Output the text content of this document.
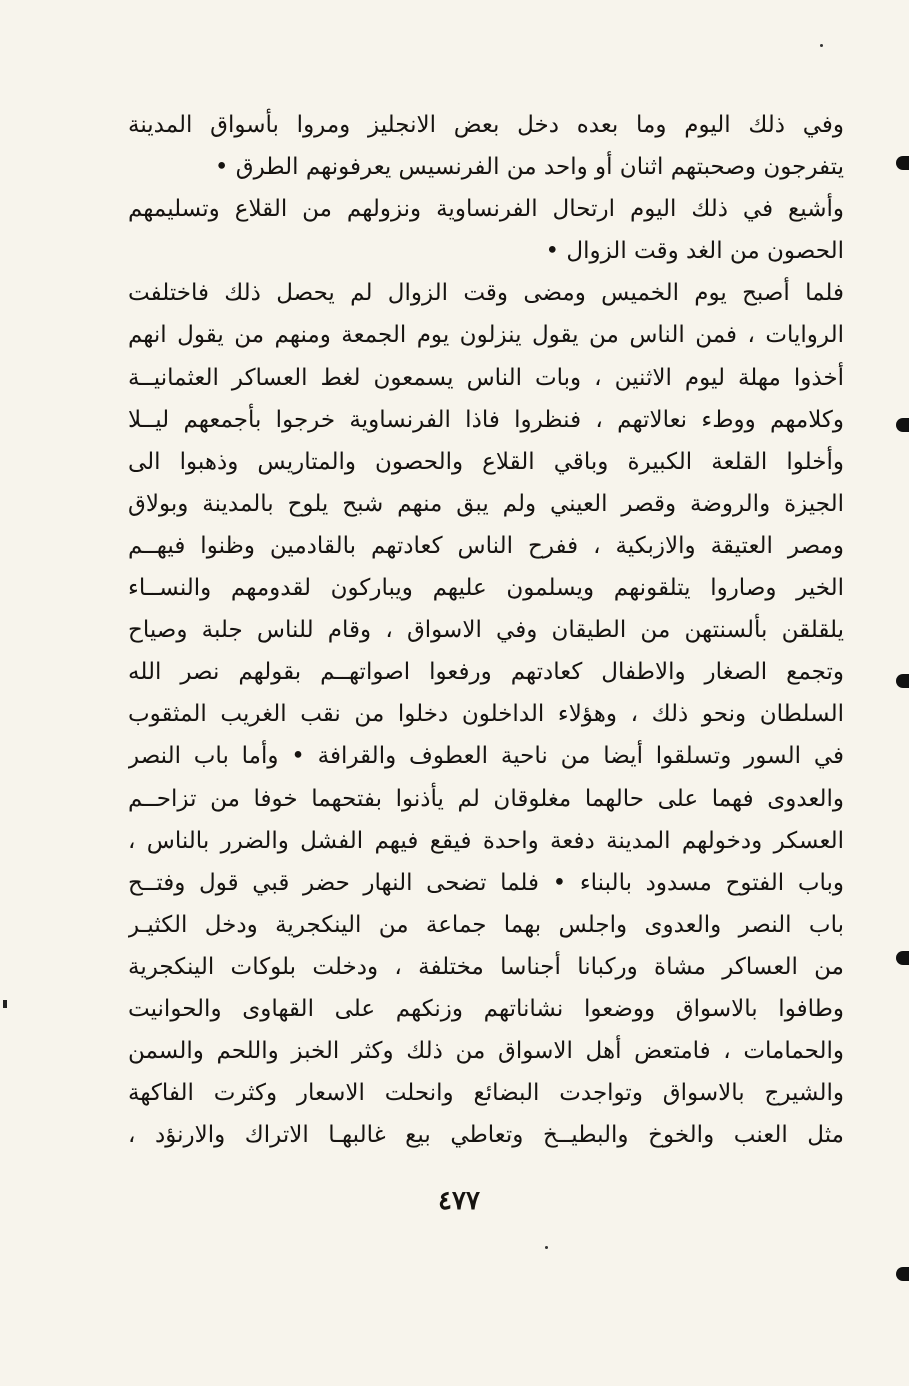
وفي ذلك اليوم وما بعده دخل بعض الانجليز ومروا بأسواق المدينة
يتفرجون وصحبتهم اثنان أو واحد من الفرنسيس يعرفونهم الطرق •
وأشيع في ذلك اليوم ارتحال الفرنساوية ونزولهم من القلاع وتسليمهم
الحصون من الغد وقت الزوال •
فلما أصبح يوم الخميس ومضى وقت الزوال لم يحصل ذلك فاختلفت
الروايات ، فمن الناس من يقول ينزلون يوم الجمعة ومنهم من يقول انهم
أخذوا مهلة ليوم الاثنين ، وبات الناس يسمعون لغط العساكر العثمانيــة
وكلامهم ووطء نعالاتهم ، فنظروا فاذا الفرنساوية خرجوا بأجمعهم ليــلا
وأخلوا القلعة الكبيرة وباقي القلاع والحصون والمتاريس وذهبوا الى
الجيزة والروضة وقصر العيني ولم يبق منهم شبح يلوح بالمدينة وبولاق
ومصر العتيقة والازبكية ، ففرح الناس كعادتهم بالقادمين وظنوا فيهــم
الخير وصاروا يتلقونهم ويسلمون عليهم ويباركون لقدومهم والنســاء
يلقلقن بألسنتهن من الطيقان وفي الاسواق ، وقام للناس جلبة وصياح
وتجمع الصغار والاطفال كعادتهم ورفعوا اصواتهــم بقولهم نصر الله
السلطان ونحو ذلك ، وهؤلاء الداخلون دخلوا من نقب الغريب المثقوب
في السور وتسلقوا أيضا من ناحية العطوف والقرافة • وأما باب النصر
والعدوى فهما على حالهما مغلوقان لم يأذنوا بفتحهما خوفا من تزاحــم
العسكر ودخولهم المدينة دفعة واحدة فيقع فيهم الفشل والضرر بالناس ،
وباب الفتوح مسدود بالبناء • فلما تضحى النهار حضر قبي قول وفتــح
باب النصر والعدوى واجلس بهما جماعة من الينكجرية ودخل الكثيـر
من العساكر مشاة وركبانا أجناسا مختلفة ، ودخلت بلوكات الينكجرية
وطافوا بالاسواق ووضعوا نشاناتهم وزنكهم على القهاوى والحوانيت
والحمامات ، فامتعض أهل الاسواق من ذلك وكثر الخبز واللحم والسمن
والشيرج بالاسواق وتواجدت البضائع وانحلت الاسعار وكثرت الفاكهة
مثل العنب والخوخ والبطيــخ وتعاطي بيع غالبهـا الاتراك والارنؤد ،
٤٧٧
